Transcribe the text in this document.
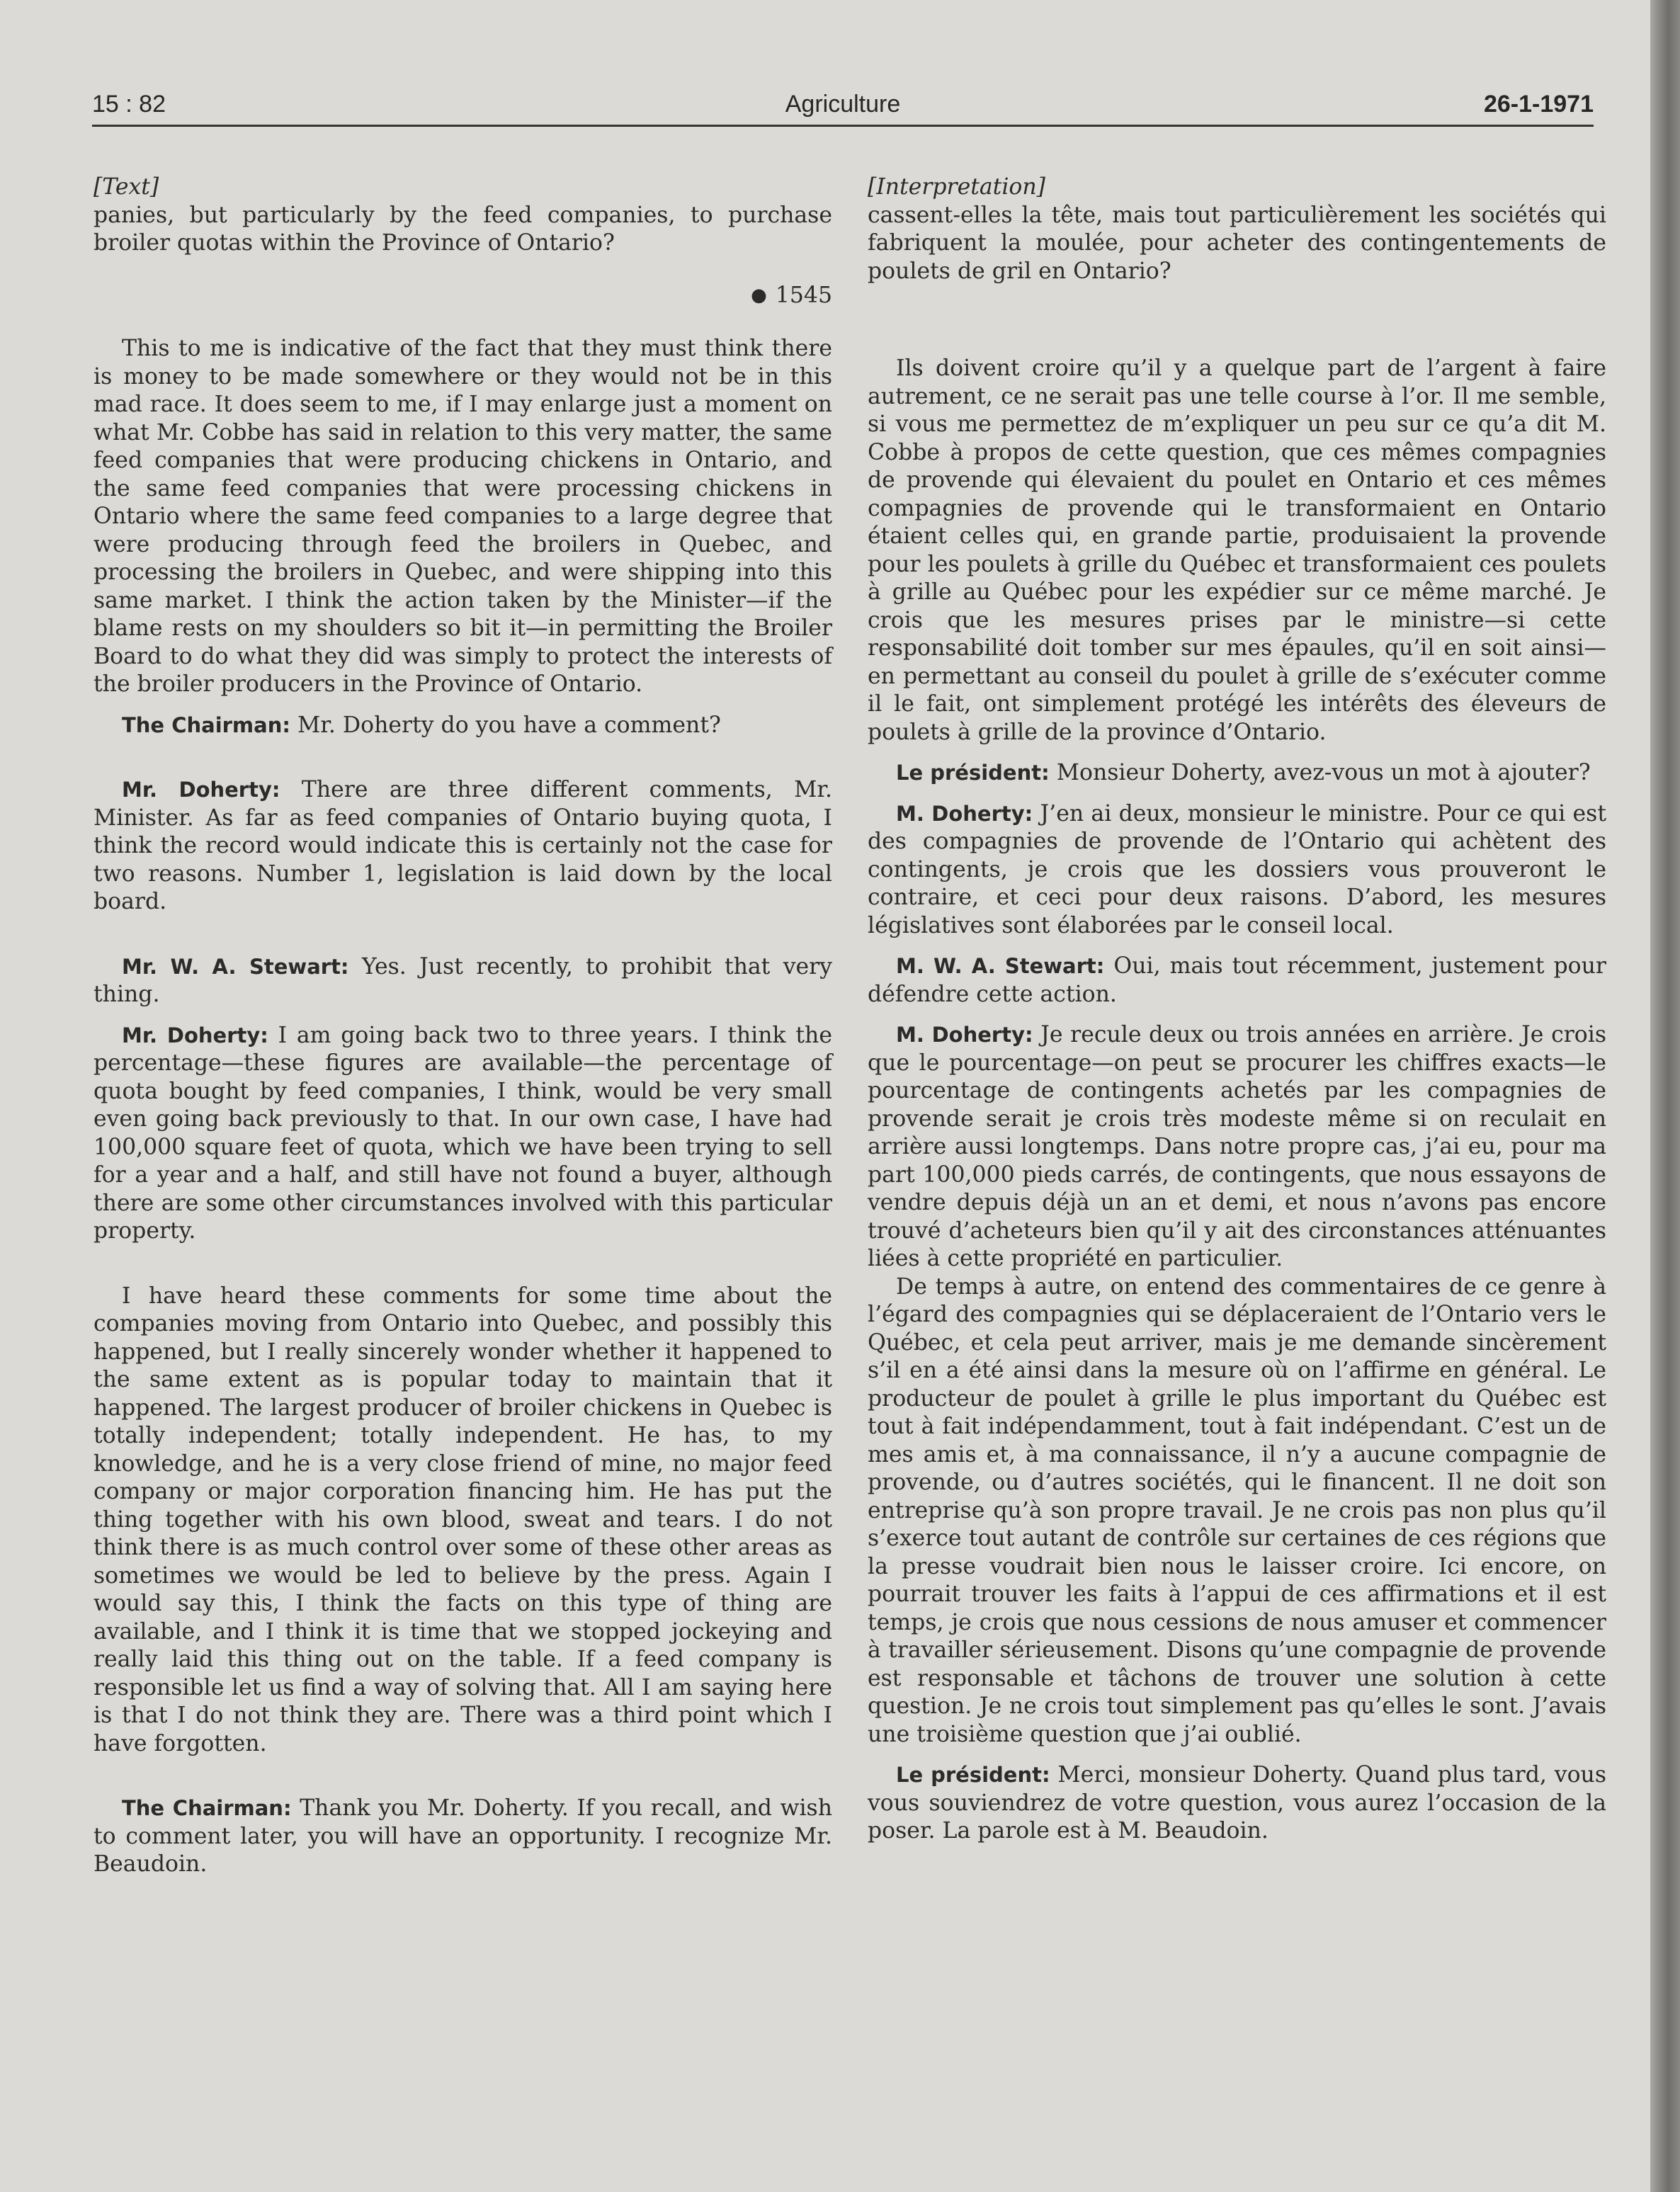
15 : 82	Agriculture	26-1-1971

[Text]

panies, but particularly by the feed companies, to purchase broiler quotas within the Province of Ontario?

● 1545

This to me is indicative of the fact that they must think there is money to be made somewhere or they would not be in this mad race. It does seem to me, if I may enlarge just a moment on what Mr. Cobbe has said in relation to this very matter, the same feed companies that were producing chickens in Ontario, and the same feed companies that were processing chickens in Ontario where the same feed companies to a large degree that were producing through feed the broilers in Quebec, and processing the broilers in Quebec, and were shipping into this same market. I think the action taken by the Minister—if the blame rests on my shoulders so bit it—in permitting the Broiler Board to do what they did was simply to protect the interests of the broiler producers in the Province of Ontario.

The Chairman: Mr. Doherty do you have a comment?

Mr. Doherty: There are three different comments, Mr. Minister. As far as feed companies of Ontario buying quota, I think the record would indicate this is certainly not the case for two reasons. Number 1, legislation is laid down by the local board.

Mr. W. A. Stewart: Yes. Just recently, to prohibit that very thing.

Mr. Doherty: I am going back two to three years. I think the percentage—these figures are available—the percentage of quota bought by feed companies, I think, would be very small even going back previously to that. In our own case, I have had 100,000 square feet of quota, which we have been trying to sell for a year and a half, and still have not found a buyer, although there are some other circumstances involved with this particular property.

I have heard these comments for some time about the companies moving from Ontario into Quebec, and possibly this happened, but I really sincerely wonder whether it happened to the same extent as is popular today to maintain that it happened. The largest producer of broiler chickens in Quebec is totally independent; totally independent. He has, to my knowledge, and he is a very close friend of mine, no major feed company or major corporation financing him. He has put the thing together with his own blood, sweat and tears. I do not think there is as much control over some of these other areas as sometimes we would be led to believe by the press. Again I would say this, I think the facts on this type of thing are available, and I think it is time that we stopped jockeying and really laid this thing out on the table. If a feed company is responsible let us find a way of solving that. All I am saying here is that I do not think they are. There was a third point which I have forgotten.

The Chairman: Thank you Mr. Doherty. If you recall, and wish to comment later, you will have an opportunity. I recognize Mr. Beaudoin.

[Interpretation]

cassent-elles la tête, mais tout particulièrement les sociétés qui fabriquent la moulée, pour acheter des contingentements de poulets de gril en Ontario?

Ils doivent croire qu’il y a quelque part de l’argent à faire autrement, ce ne serait pas une telle course à l’or. Il me semble, si vous me permettez de m’expliquer un peu sur ce qu’a dit M. Cobbe à propos de cette question, que ces mêmes compagnies de provende qui élevaient du poulet en Ontario et ces mêmes compagnies de provende qui le transformaient en Ontario étaient celles qui, en grande partie, produisaient la provende pour les poulets à grille du Québec et transformaient ces poulets à grille au Québec pour les expédier sur ce même marché. Je crois que les mesures prises par le ministre—si cette responsabilité doit tomber sur mes épaules, qu’il en soit ainsi—en permettant au conseil du poulet à grille de s’exécuter comme il le fait, ont simplement protégé les intérêts des éleveurs de poulets à grille de la province d’Ontario.

Le président: Monsieur Doherty, avez-vous un mot à ajouter?

M. Doherty: J’en ai deux, monsieur le ministre. Pour ce qui est des compagnies de provende de l’Ontario qui achètent des contingents, je crois que les dossiers vous prouveront le contraire, et ceci pour deux raisons. D’abord, les mesures législatives sont élaborées par le conseil local.

M. W. A. Stewart: Oui, mais tout récemment, justement pour défendre cette action.

M. Doherty: Je recule deux ou trois années en arrière. Je crois que le pourcentage—on peut se procurer les chiffres exacts—le pourcentage de contingents achetés par les compagnies de provende serait je crois très modeste même si on reculait en arrière aussi longtemps. Dans notre propre cas, j’ai eu, pour ma part 100,000 pieds carrés, de contingents, que nous essayons de vendre depuis déjà un an et demi, et nous n’avons pas encore trouvé d’acheteurs bien qu’il y ait des circonstances atténuantes liées à cette propriété en particulier.

De temps à autre, on entend des commentaires de ce genre à l’égard des compagnies qui se déplaceraient de l’Ontario vers le Québec, et cela peut arriver, mais je me demande sincèrement s’il en a été ainsi dans la mesure où on l’affirme en général. Le producteur de poulet à grille le plus important du Québec est tout à fait indépendamment, tout à fait indépendant. C’est un de mes amis et, à ma connaissance, il n’y a aucune compagnie de provende, ou d’autres sociétés, qui le financent. Il ne doit son entreprise qu’à son propre travail. Je ne crois pas non plus qu’il s’exerce tout autant de contrôle sur certaines de ces régions que la presse voudrait bien nous le laisser croire. Ici encore, on pourrait trouver les faits à l’appui de ces affirmations et il est temps, je crois que nous cessions de nous amuser et commencer à travailler sérieusement. Disons qu’une compagnie de provende est responsable et tâchons de trouver une solution à cette question. Je ne crois tout simplement pas qu’elles le sont. J’avais une troisième question que j’ai oublié.

Le président: Merci, monsieur Doherty. Quand plus tard, vous vous souviendrez de votre question, vous aurez l’occasion de la poser. La parole est à M. Beaudoin.
